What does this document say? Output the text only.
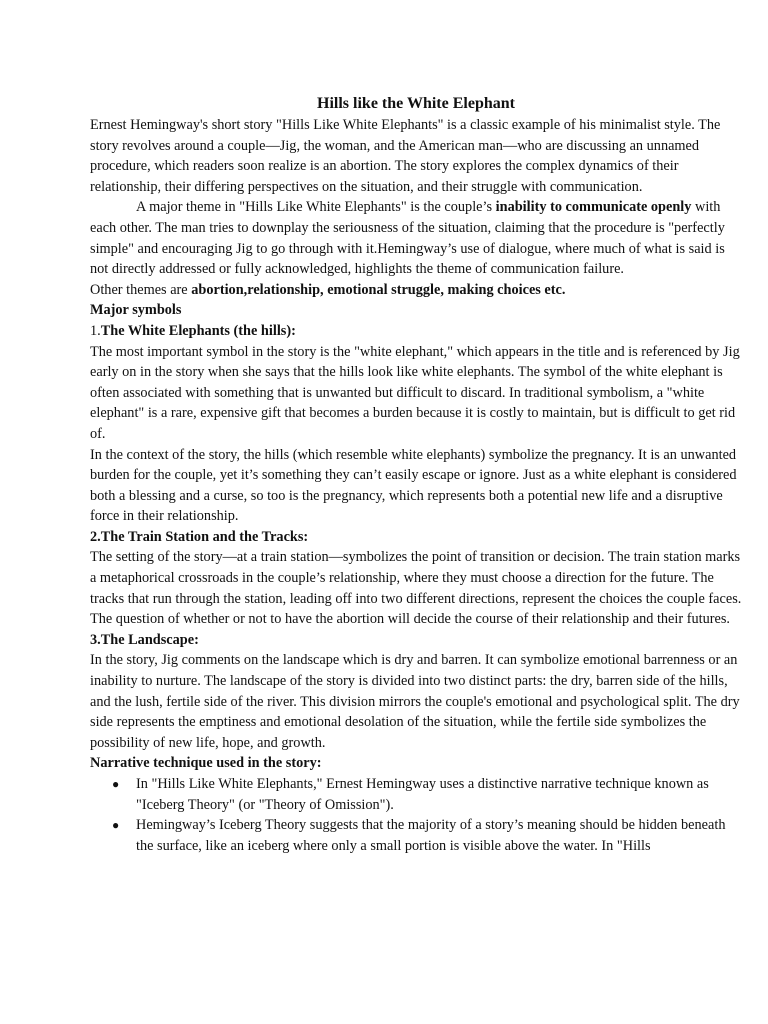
Hills like the White Elephant

Ernest Hemingway's short story "Hills Like White Elephants" is a classic example of his minimalist style. The story revolves around a couple—Jig, the woman, and the American man—who are discussing an unnamed procedure, which readers soon realize is an abortion. The story explores the complex dynamics of their relationship, their differing perspectives on the situation, and their struggle with communication.

A major theme in "Hills Like White Elephants" is the couple’s inability to communicate openly with each other. The man tries to downplay the seriousness of the situation, claiming that the procedure is "perfectly simple" and encouraging Jig to go through with it.Hemingway’s use of dialogue, where much of what is said is not directly addressed or fully acknowledged, highlights the theme of communication failure.

Other themes are abortion,relationship, emotional struggle, making choices etc.

Major symbols

1.The White Elephants (the hills):

The most important symbol in the story is the "white elephant," which appears in the title and is referenced by Jig early on in the story when she says that the hills look like white elephants. The symbol of the white elephant is often associated with something that is unwanted but difficult to discard. In traditional symbolism, a "white elephant" is a rare, expensive gift that becomes a burden because it is costly to maintain, but is difficult to get rid of.

In the context of the story, the hills (which resemble white elephants) symbolize the pregnancy. It is an unwanted burden for the couple, yet it’s something they can’t easily escape or ignore. Just as a white elephant is considered both a blessing and a curse, so too is the pregnancy, which represents both a potential new life and a disruptive force in their relationship.

2.The Train Station and the Tracks:

The setting of the story—at a train station—symbolizes the point of transition or decision. The train station marks a metaphorical crossroads in the couple’s relationship, where they must choose a direction for the future. The tracks that run through the station, leading off into two different directions, represent the choices the couple faces. The question of whether or not to have the abortion will decide the course of their relationship and their futures.

3.The Landscape:

In the story, Jig comments on the landscape which is dry and barren. It can symbolize emotional barrenness or an inability to nurture. The landscape of the story is divided into two distinct parts: the dry, barren side of the hills, and the lush, fertile side of the river. This division mirrors the couple's emotional and psychological split. The dry side represents the emptiness and emotional desolation of the situation, while the fertile side symbolizes the possibility of new life, hope, and growth.

Narrative technique used in the story:

● In "Hills Like White Elephants," Ernest Hemingway uses a distinctive narrative technique known as "Iceberg Theory" (or "Theory of Omission").
● Hemingway’s Iceberg Theory suggests that the majority of a story’s meaning should be hidden beneath the surface, like an iceberg where only a small portion is visible above the water. In "Hills
